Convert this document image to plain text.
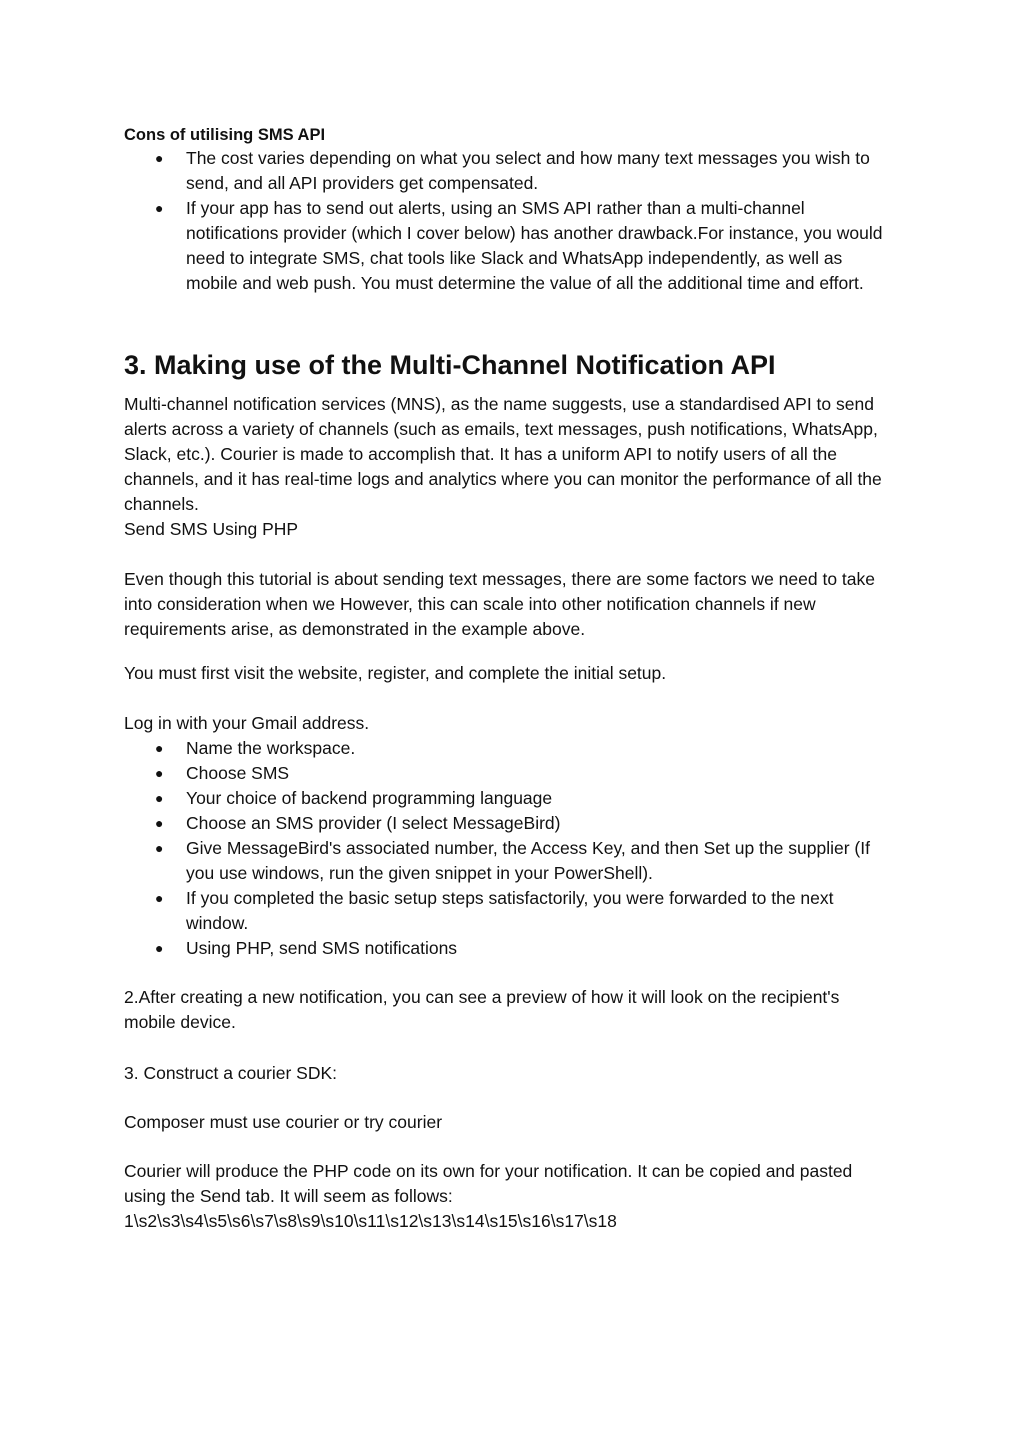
Cons of utilising SMS API

● The cost varies depending on what you select and how many text messages you wish to send, and all API providers get compensated.
● If your app has to send out alerts, using an SMS API rather than a multi-channel notifications provider (which I cover below) has another drawback.For instance, you would need to integrate SMS, chat tools like Slack and WhatsApp independently, as well as mobile and web push. You must determine the value of all the additional time and effort.
3. Making use of the Multi-Channel Notification API

Multi-channel notification services (MNS), as the name suggests, use a standardised API to send alerts across a variety of channels (such as emails, text messages, push notifications, WhatsApp, Slack, etc.). Courier is made to accomplish that. It has a uniform API to notify users of all the channels, and it has real-time logs and analytics where you can monitor the performance of all the channels.

Send SMS Using PHP

Even though this tutorial is about sending text messages, there are some factors we need to take into consideration when we However, this can scale into other notification channels if new requirements arise, as demonstrated in the example above.

You must first visit the website, register, and complete the initial setup.

Log in with your Gmail address.

● Name the workspace.
● Choose SMS
● Your choice of backend programming language
● Choose an SMS provider (I select MessageBird)
● Give MessageBird's associated number, the Access Key, and then Set up the supplier (If you use windows, run the given snippet in your PowerShell).
● If you completed the basic setup steps satisfactorily, you were forwarded to the next window.
● Using PHP, send SMS notifications

2.After creating a new notification, you can see a preview of how it will look on the recipient's mobile device.

3. Construct a courier SDK:

Composer must use courier or try courier

Courier will produce the PHP code on its own for your notification. It can be copied and pasted using the Send tab. It will seem as follows:

1\s2\s3\s4\s5\s6\s7\s8\s9\s10\s11\s12\s13\s14\s15\s16\s17\s18
